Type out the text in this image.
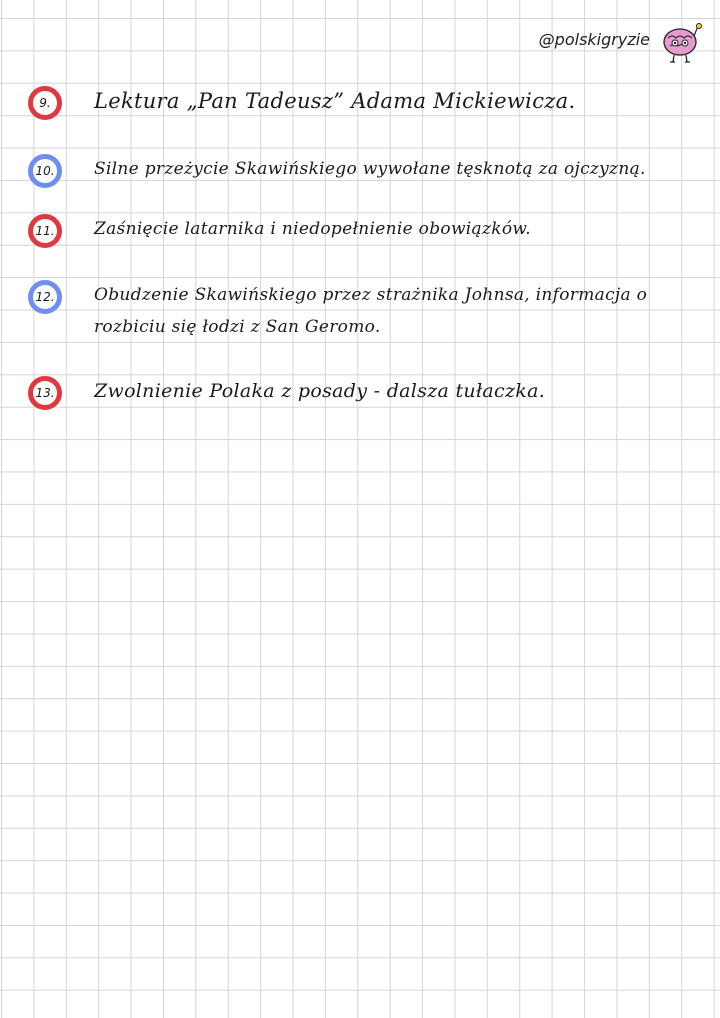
@polskigryzie
9.	Lektura „Pan Tadeusz” Adama Mickiewicza.
10.	Silne przeżycie Skawińskiego wywołane tęsknotą za ojczyzną.
11.	Zaśnięcie latarnika i niedopełnienie obowiązków.
12.	Obudzenie Skawińskiego przez strażnika Johnsa, informacja o rozbiciu się łodzi z San Geromo.
13.	Zwolnienie Polaka z posady - dalsza tułaczka.
